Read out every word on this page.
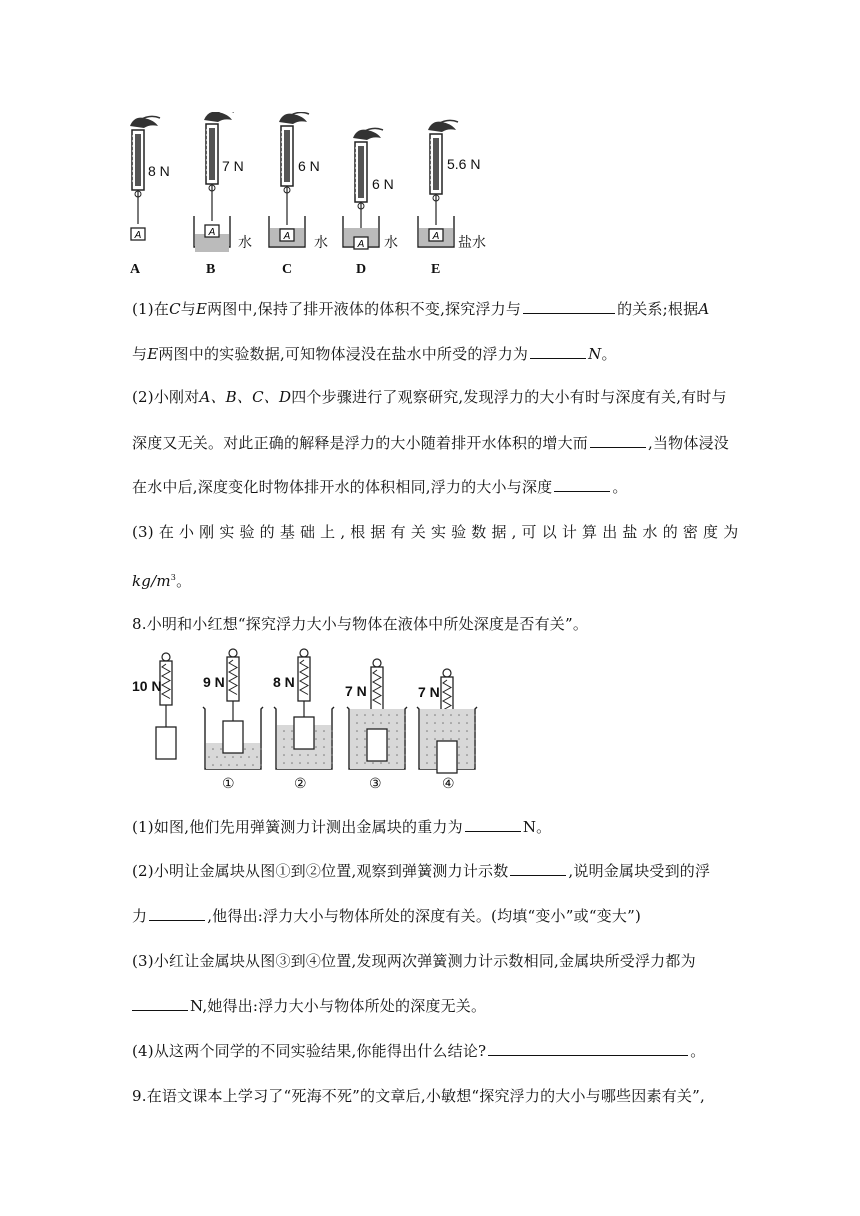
A	A	A
A
A
A	B	C	D	E
8 N	7 N	6 N
6 N
5.6 N
水	水	水	盐水
(1)在C与E两图中,保持了排开液体的体积不变,探究浮力与	的关系;根据A
与E两图中的实验数据,可知物体浸没在盐水中所受的浮力为	N。
(2)小刚对A、B、C、D四个步骤进行了观察研究,发现浮力的大小有时与深度有关,有时与
深度又无关。对此正确的解释是浮力的大小随着排开水体积的增大而	,当物体浸没
在水中后,深度变化时物体排开水的体积相同,浮力的大小与深度	。
(3) 在 小 刚 实 验 的 基 础 上 , 根 据 有 关 实 验 数 据 , 可 以 计 算 出 盐 水 的 密 度 为
$kg/m^3$。
8.小明和小红想“探究浮力大小与物体在液体中所处深度是否有关”。
10 N	9 N	8 N
7 N	7 N
①	②	③	④
(1)如图,他们先用弹簧测力计测出金属块的重力为	N。
(2)小明让金属块从图①到②位置,观察到弹簧测力计示数	,说明金属块受到的浮
力	,他得出:浮力大小与物体所处的深度有关。(均填“变小”或“变大”)
(3)小红让金属块从图③到④位置,发现两次弹簧测力计示数相同,金属块所受浮力都为
N,她得出:浮力大小与物体所处的深度无关。
(4)从这两个同学的不同实验结果,你能得出什么结论?	。
9.在语文课本上学习了“死海不死”的文章后,小敏想“探究浮力的大小与哪些因素有关”,
